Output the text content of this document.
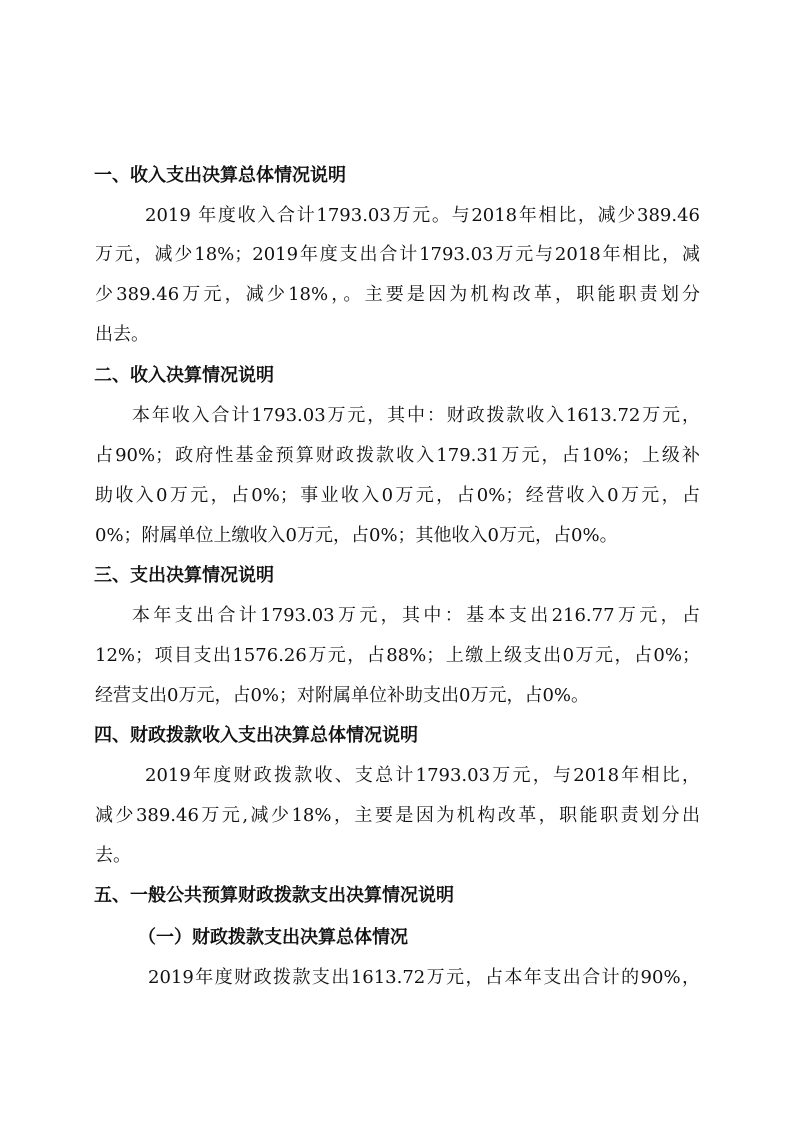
一、收入支出决算总体情况说明
2019 年度收入合计1793.03万元。与2018年相比，减少389.46
万元，减少18%；2019年度支出合计1793.03万元与2018年相比，减
少389.46万元，减少18%，。主要是因为机构改革，职能职责划分
出去。
二、收入决算情况说明
本年收入合计1793.03万元，其中：财政拨款收入1613.72万元，
占90%；政府性基金预算财政拨款收入179.31万元，占10%；上级补
助收入0万元，占0%；事业收入0万元，占0%；经营收入0万元，占
0%；附属单位上缴收入0万元，占0%；其他收入0万元，占0%。
三、支出决算情况说明
本年支出合计1793.03万元，其中：基本支出216.77万元，占
12%；项目支出1576.26万元，占88%；上缴上级支出0万元，占0%；
经营支出0万元，占0%；对附属单位补助支出0万元，占0%。
四、财政拨款收入支出决算总体情况说明
2019年度财政拨款收、支总计1793.03万元，与2018年相比，
减少389.46万元,减少18%，主要是因为机构改革，职能职责划分出
去。
五、一般公共预算财政拨款支出决算情况说明
（一）财政拨款支出决算总体情况
2019年度财政拨款支出1613.72万元，占本年支出合计的90%，
